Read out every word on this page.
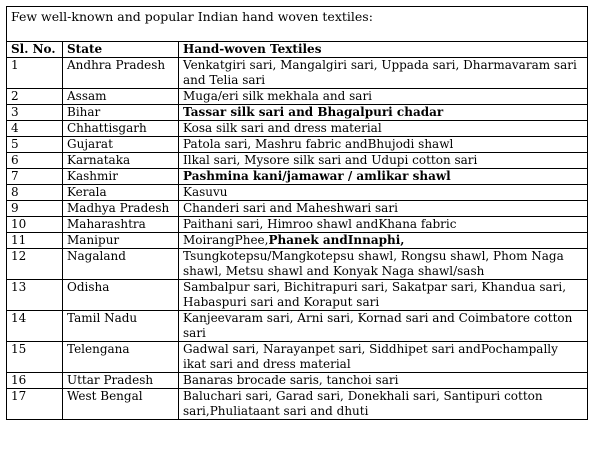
Few well-known and popular Indian hand woven textiles:		
Sl. No.	State	Hand-woven Textiles
1	Andhra Pradesh	Venkatgiri sari, Mangalgiri sari, Uppada sari, Dharmavaram sari and Telia sari
2	Assam	Muga/eri silk mekhala and sari
3	Bihar	Tassar silk sari and Bhagalpuri chadar
4	Chhattisgarh	Kosa silk sari and dress material
5	Gujarat	Patola sari, Mashru fabric andBhujodi shawl
6	Karnataka	Ilkal sari, Mysore silk sari and Udupi cotton sari
7	Kashmir	Pashmina kani/jamawar / amlikar shawl
8	Kerala	Kasuvu
9	Madhya Pradesh	Chanderi sari and Maheshwari sari
10	Maharashtra	Paithani sari, Himroo shawl andKhana fabric
11	Manipur	MoirangPhee,Phanek andInnaphi,
12	Nagaland	Tsungkotepsu/Mangkotepsu shawl, Rongsu shawl, Phom Naga shawl, Metsu shawl and Konyak Naga shawl/sash
13	Odisha	Sambalpur sari, Bichitrapuri sari, Sakatpar sari, Khandua sari, Habaspuri sari and Koraput sari
14	Tamil Nadu	Kanjeevaram sari, Arni sari, Kornad sari and Coimbatore cotton sari
15	Telengana	Gadwal sari, Narayanpet sari, Siddhipet sari andPochampally ikat sari and dress material
16	Uttar Pradesh	Banaras brocade saris, tanchoi sari
17	West Bengal	Baluchari sari, Garad sari, Donekhali sari, Santipuri cotton sari,Phuliataant sari and dhuti
